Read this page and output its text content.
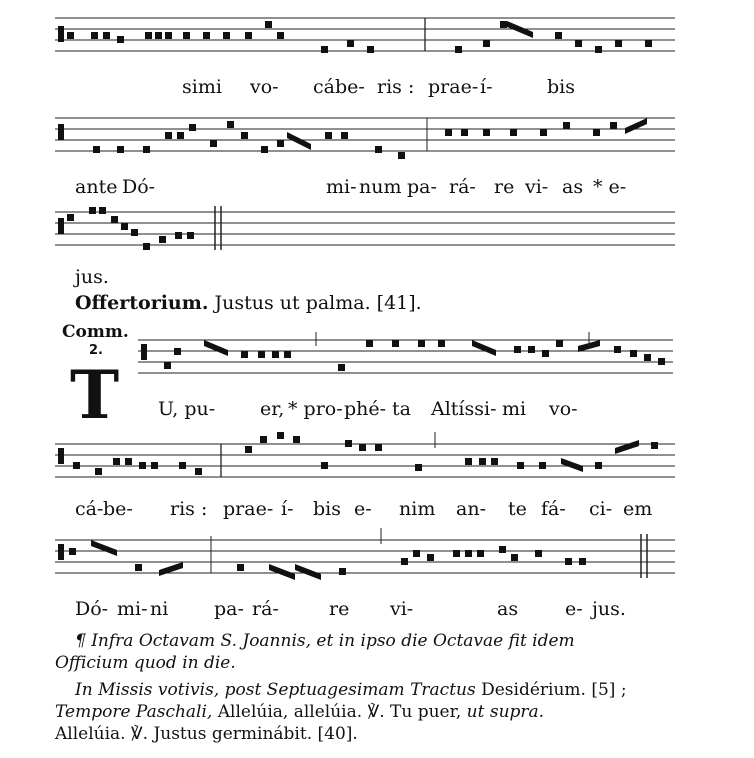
simi vo- cábe- ris : prae- í-	bis
ante Dó-	mi- num pa- rá- re vi- as * e-
jus.
Offertorium. Justus ut palma. [41].
Comm.
2.
T U, pu- er, * pro- phé- ta Altíssi- mi vo-
cá- be- ris : prae- í- bis e- nim an- te fá- ci- em
Dó- mi- ni pa- rá-	re vi-	as e- jus.
¶ Infra Octavam S. Joannis, et in ipso die Octavae fit idem
Officium quod in die.
In Missis votivis, post Septuagesimam Tractus Desidérium. [5] ;
Tempore Paschali, Allelúia, allelúia. ℣. Tu puer, ut supra.
Allelúia. ℣. Justus germinábit. [40].
